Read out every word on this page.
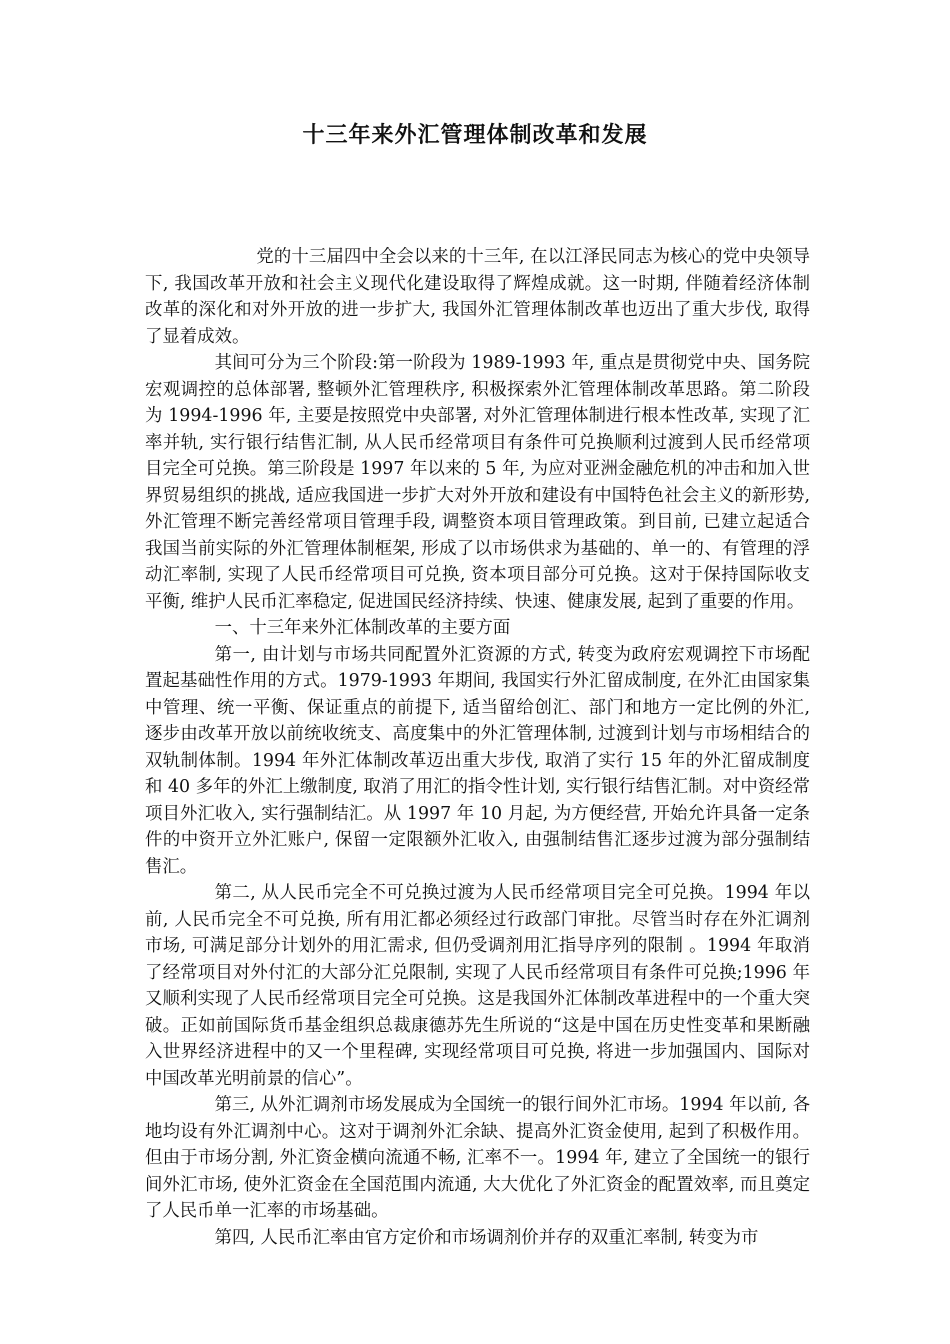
十三年来外汇管理体制改革和发展

党的十三届四中全会以来的十三年, 在以江泽民同志为核心的党中央领导下, 我国改革开放和社会主义现代化建设取得了辉煌成就。这一时期, 伴随着经济体制改革的深化和对外开放的进一步扩大, 我国外汇管理体制改革也迈出了重大步伐, 取得了显着成效。

其间可分为三个阶段:第一阶段为 1989-1993 年, 重点是贯彻党中央、国务院宏观调控的总体部署, 整顿外汇管理秩序, 积极探索外汇管理体制改革思路。第二阶段为 1994-1996 年, 主要是按照党中央部署, 对外汇管理体制进行根本性改革, 实现了汇率并轨, 实行银行结售汇制, 从人民币经常项目有条件可兑换顺利过渡到人民币经常项目完全可兑换。第三阶段是 1997 年以来的 5 年, 为应对亚洲金融危机的冲击和加入世界贸易组织的挑战, 适应我国进一步扩大对外开放和建设有中国特色社会主义的新形势, 外汇管理不断完善经常项目管理手段, 调整资本项目管理政策。到目前, 已建立起适合我国当前实际的外汇管理体制框架, 形成了以市场供求为基础的、单一的、有管理的浮动汇率制, 实现了人民币经常项目可兑换, 资本项目部分可兑换。这对于保持国际收支平衡, 维护人民币汇率稳定, 促进国民经济持续、快速、健康发展, 起到了重要的作用。

一、十三年来外汇体制改革的主要方面

第一, 由计划与市场共同配置外汇资源的方式, 转变为政府宏观调控下市场配置起基础性作用的方式。1979-1993 年期间, 我国实行外汇留成制度, 在外汇由国家集中管理、统一平衡、保证重点的前提下, 适当留给创汇、部门和地方一定比例的外汇, 逐步由改革开放以前统收统支、高度集中的外汇管理体制, 过渡到计划与市场相结合的双轨制体制。1994 年外汇体制改革迈出重大步伐, 取消了实行 15 年的外汇留成制度和 40 多年的外汇上缴制度, 取消了用汇的指令性计划, 实行银行结售汇制。对中资经常项目外汇收入, 实行强制结汇。从 1997 年 10 月起, 为方便经营, 开始允许具备一定条件的中资开立外汇账户, 保留一定限额外汇收入, 由强制结售汇逐步过渡为部分强制结售汇。

第二, 从人民币完全不可兑换过渡为人民币经常项目完全可兑换。1994 年以前, 人民币完全不可兑换, 所有用汇都必须经过行政部门审批。尽管当时存在外汇调剂市场, 可满足部分计划外的用汇需求, 但仍受调剂用汇指导序列的限制 。1994 年取消了经常项目对外付汇的大部分汇兑限制, 实现了人民币经常项目有条件可兑换;1996 年又顺利实现了人民币经常项目完全可兑换。这是我国外汇体制改革进程中的一个重大突破。正如前国际货币基金组织总裁康德苏先生所说的“这是中国在历史性变革和果断融入世界经济进程中的又一个里程碑, 实现经常项目可兑换, 将进一步加强国内、国际对中国改革光明前景的信心”。

第三, 从外汇调剂市场发展成为全国统一的银行间外汇市场。1994 年以前, 各地均设有外汇调剂中心。这对于调剂外汇余缺、提高外汇资金使用, 起到了积极作用。但由于市场分割, 外汇资金横向流通不畅, 汇率不一。1994 年, 建立了全国统一的银行间外汇市场, 使外汇资金在全国范围内流通, 大大优化了外汇资金的配置效率, 而且奠定了人民币单一汇率的市场基础。

第四, 人民币汇率由官方定价和市场调剂价并存的双重汇率制, 转变为市
